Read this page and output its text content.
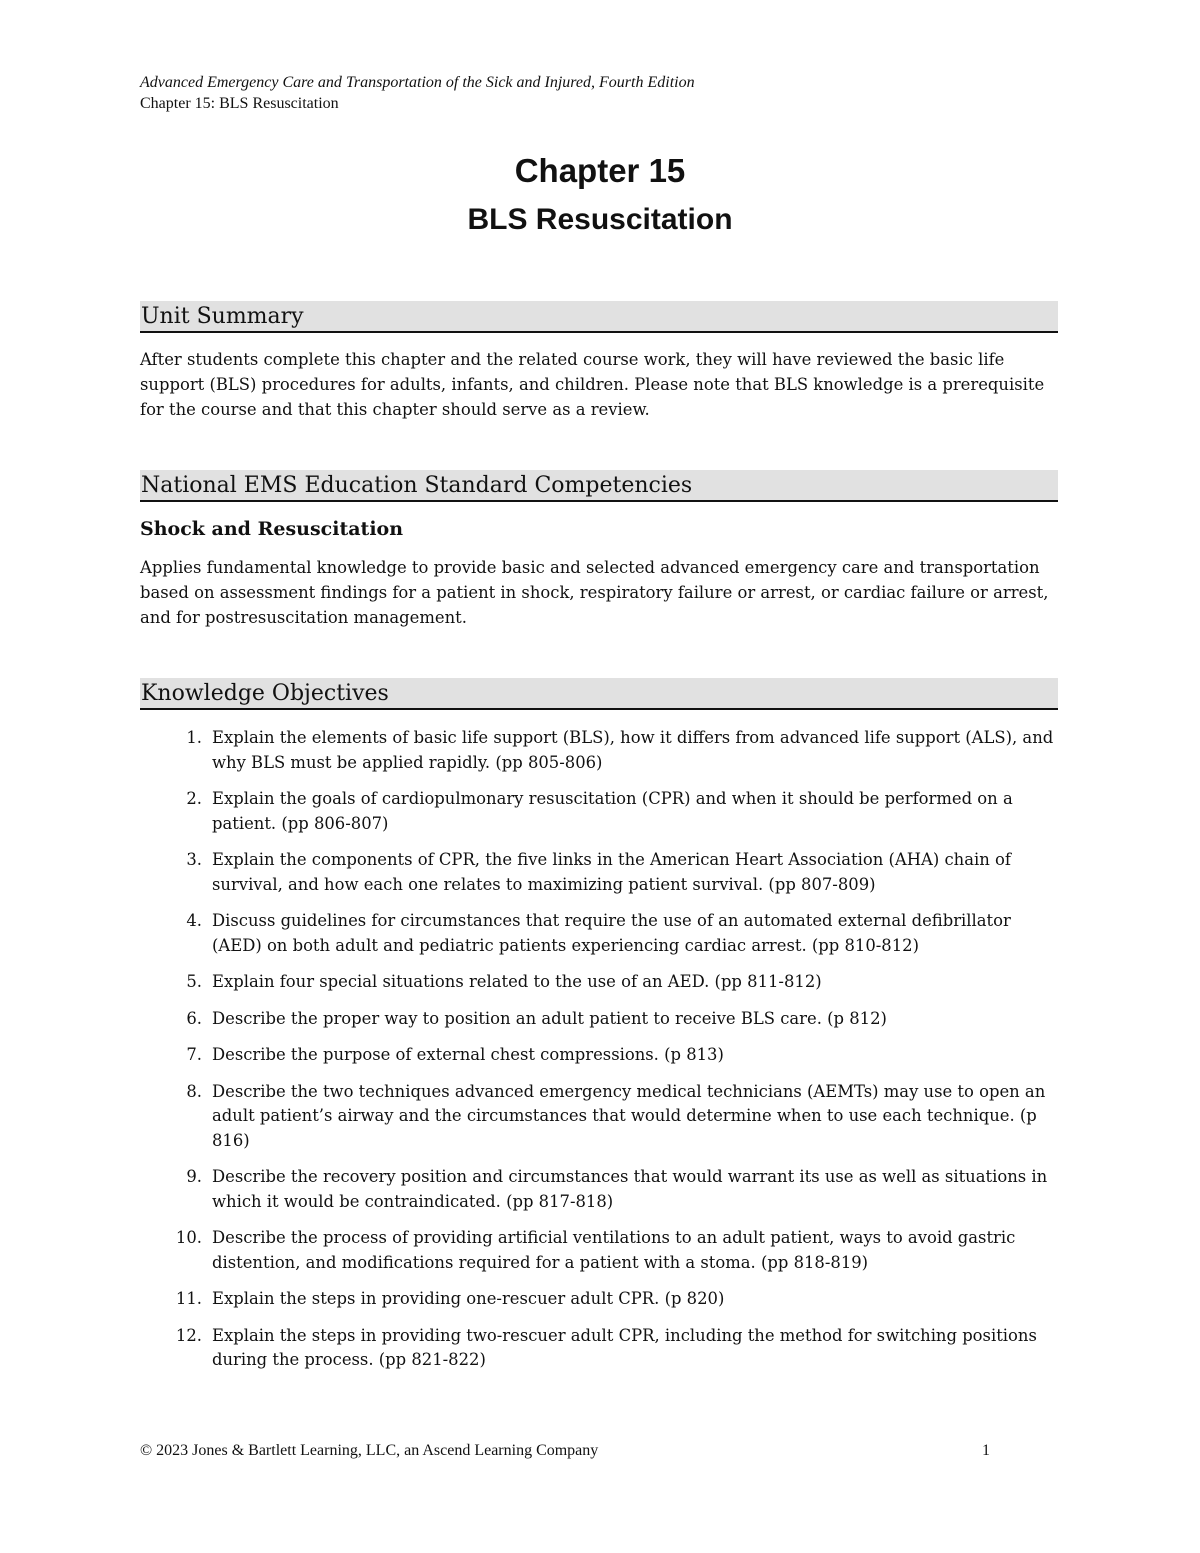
Advanced Emergency Care and Transportation of the Sick and Injured, Fourth Edition
Chapter 15: BLS Resuscitation
Chapter 15
BLS Resuscitation
Unit Summary

After students complete this chapter and the related course work, they will have reviewed the basic life support (BLS) procedures for adults, infants, and children. Please note that BLS knowledge is a prerequisite for the course and that this chapter should serve as a review.

National EMS Education Standard Competencies
Shock and Resuscitation

Applies fundamental knowledge to provide basic and selected advanced emergency care and transportation based on assessment findings for a patient in shock, respiratory failure or arrest, or cardiac failure or arrest, and for postresuscitation management.

Knowledge Objectives
1. Explain the elements of basic life support (BLS), how it differs from advanced life support (ALS), and why BLS must be applied rapidly. (pp 805-806)
2. Explain the goals of cardiopulmonary resuscitation (CPR) and when it should be performed on a patient. (pp 806-807)
3. Explain the components of CPR, the five links in the American Heart Association (AHA) chain of survival, and how each one relates to maximizing patient survival. (pp 807-809)
4. Discuss guidelines for circumstances that require the use of an automated external defibrillator (AED) on both adult and pediatric patients experiencing cardiac arrest. (pp 810-812)
5. Explain four special situations related to the use of an AED. (pp 811-812)
6. Describe the proper way to position an adult patient to receive BLS care. (p 812)
7. Describe the purpose of external chest compressions. (p 813)
8. Describe the two techniques advanced emergency medical technicians (AEMTs) may use to open an adult patient’s airway and the circumstances that would determine when to use each technique. (p 816)
9. Describe the recovery position and circumstances that would warrant its use as well as situations in which it would be contraindicated. (pp 817-818)
10. Describe the process of providing artificial ventilations to an adult patient, ways to avoid gastric distention, and modifications required for a patient with a stoma. (pp 818-819)
11. Explain the steps in providing one-rescuer adult CPR. (p 820)
12. Explain the steps in providing two-rescuer adult CPR, including the method for switching positions during the process. (pp 821-822)
© 2023 Jones & Bartlett Learning, LLC, an Ascend Learning Company	1
